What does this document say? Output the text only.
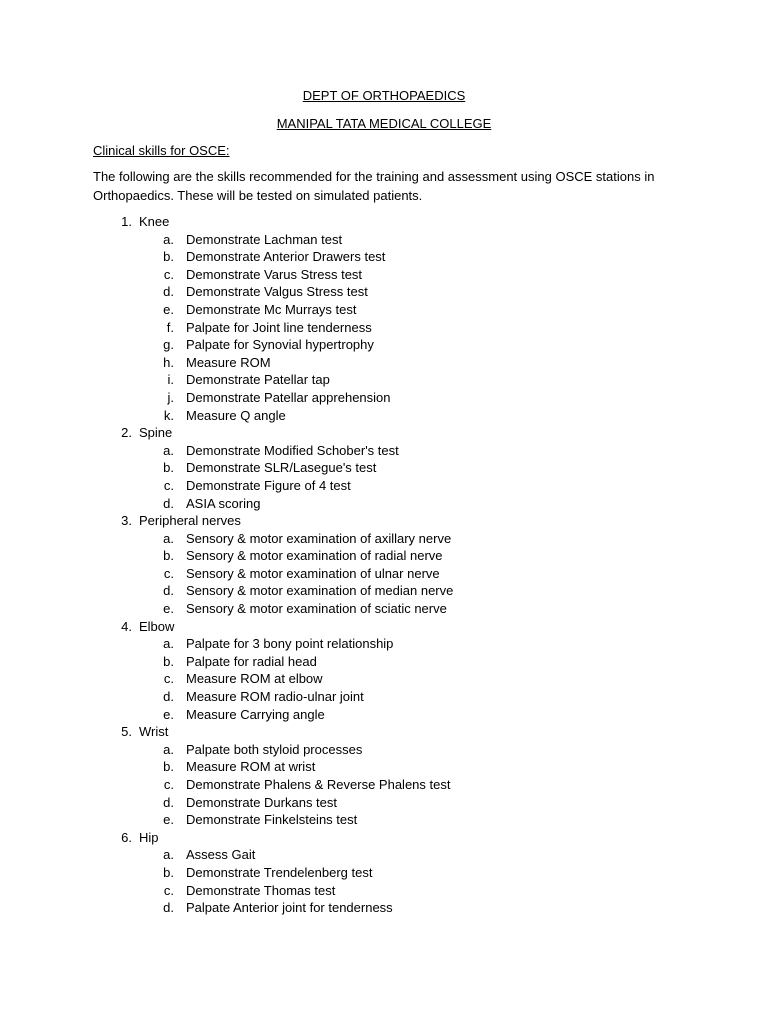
DEPT OF ORTHOPAEDICS
MANIPAL TATA MEDICAL COLLEGE
Clinical skills for OSCE:
The following are the skills recommended for the training and assessment using OSCE stations in Orthopaedics. These will be tested on simulated patients.
1. Knee
a. Demonstrate Lachman test
b. Demonstrate Anterior Drawers test
c. Demonstrate Varus Stress test
d. Demonstrate Valgus Stress test
e. Demonstrate Mc Murrays test
f. Palpate for Joint line tenderness
g. Palpate for Synovial hypertrophy
h. Measure ROM
i. Demonstrate Patellar tap
j. Demonstrate Patellar apprehension
k. Measure Q angle
2. Spine
a. Demonstrate Modified Schober's test
b. Demonstrate SLR/Lasegue's test
c. Demonstrate Figure of 4 test
d. ASIA scoring
3. Peripheral nerves
a. Sensory & motor examination of axillary nerve
b. Sensory & motor examination of radial nerve
c. Sensory & motor examination of ulnar nerve
d. Sensory & motor examination of median nerve
e. Sensory & motor examination of sciatic nerve
4. Elbow
a. Palpate for 3 bony point relationship
b. Palpate for radial head
c. Measure ROM at elbow
d. Measure ROM radio-ulnar joint
e. Measure Carrying angle
5. Wrist
a. Palpate both styloid processes
b. Measure ROM at wrist
c. Demonstrate Phalens & Reverse Phalens test
d. Demonstrate Durkans test
e. Demonstrate Finkelsteins test
6. Hip
a. Assess Gait
b. Demonstrate Trendelenberg test
c. Demonstrate Thomas test
d. Palpate Anterior joint for tenderness
